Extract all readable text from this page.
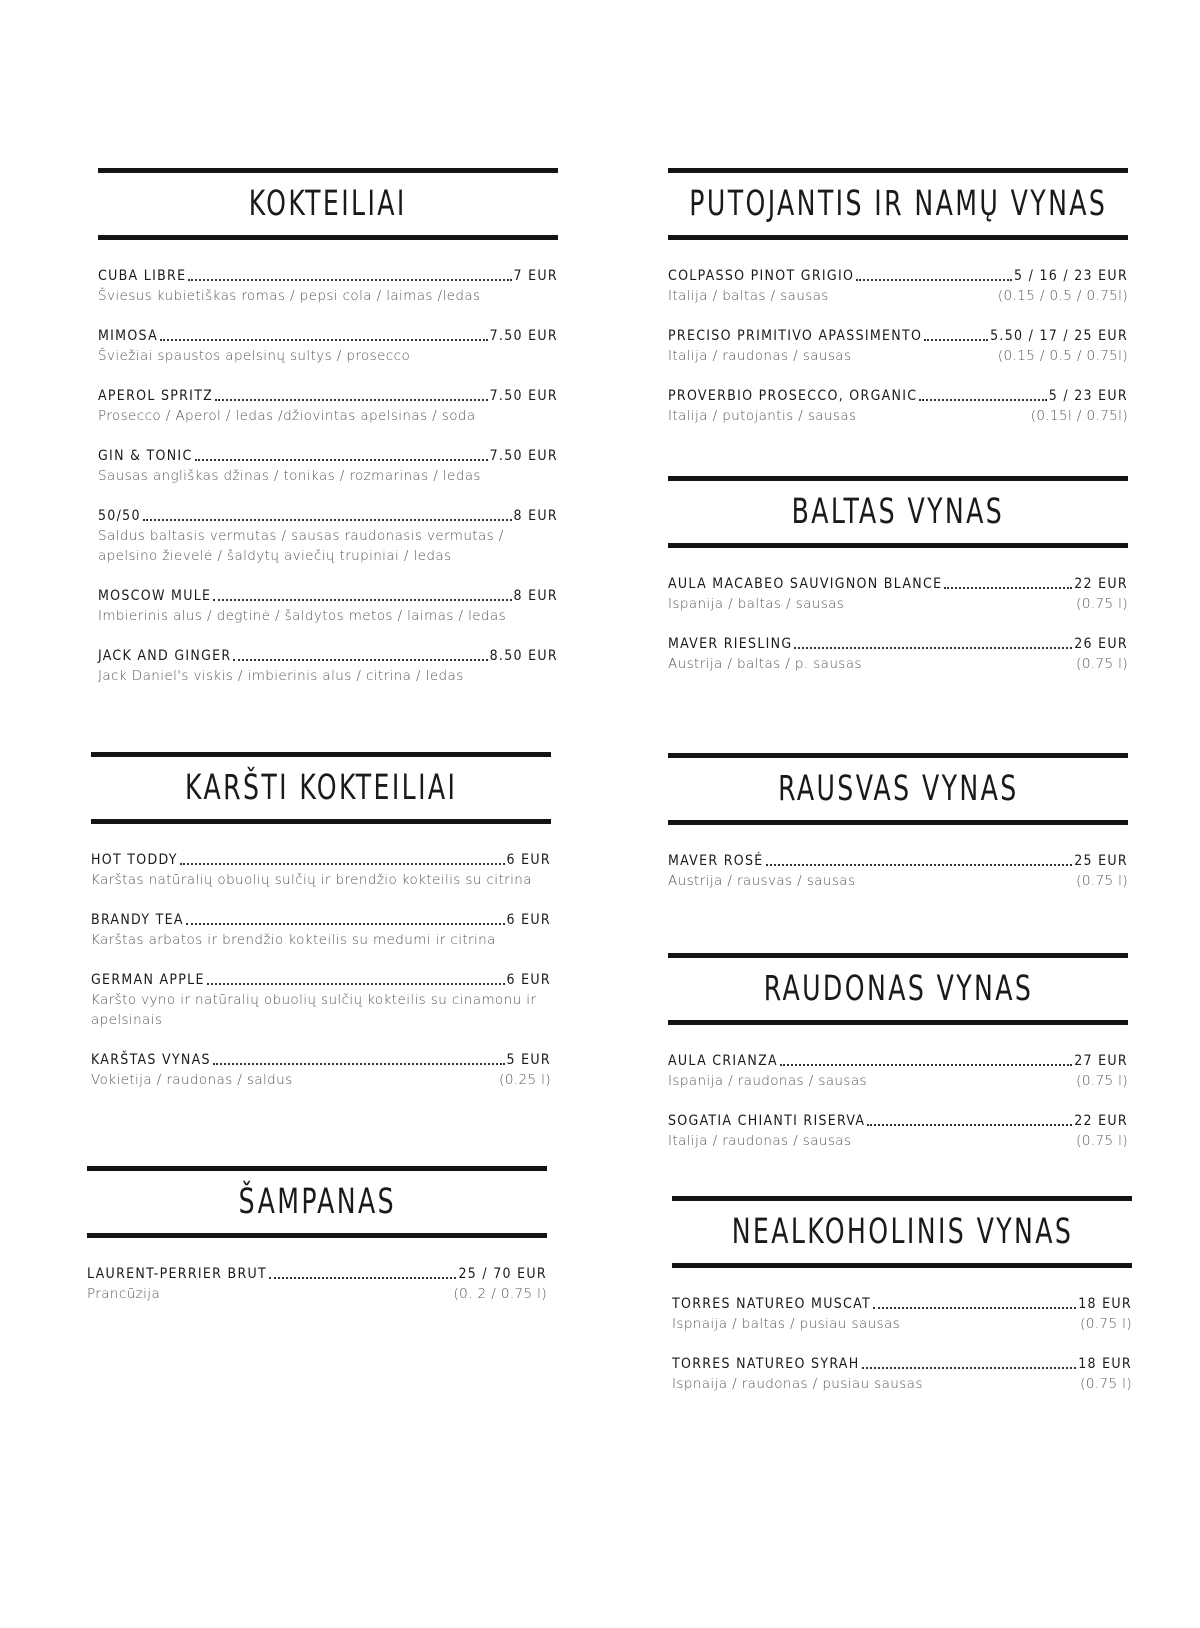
KOKTEILIAI
CUBA LIBRE	7 EUR
Šviesus kubietiškas romas / pepsi cola / laimas /ledas
MIMOSA	7.50 EUR
Šviežiai spaustos apelsinų sultys / prosecco
APEROL SPRITZ	7.50 EUR
Prosecco / Aperol / ledas /džiovintas apelsinas / soda
GIN & TONIC	7.50 EUR
Sausas angliškas džinas / tonikas / rozmarinas / ledas
50/50	8 EUR
Saldus baltasis vermutas / sausas raudonasis vermutas / apelsino žievelė / šaldytų aviečių trupiniai / ledas
MOSCOW MULE	8 EUR
Imbierinis alus / degtinė / šaldytos metos / laimas / ledas
JACK AND GINGER	8.50 EUR
Jack Daniel's viskis / imbierinis alus / citrina / ledas
KARŠTI KOKTEILIAI
HOT TODDY	6 EUR
Karštas natūralių obuolių sulčių ir brendžio kokteilis su citrina
BRANDY TEA	6 EUR
Karštas arbatos ir brendžio kokteilis su medumi ir citrina
GERMAN APPLE	6 EUR
Karšto vyno ir natūralių obuolių sulčių kokteilis su cinamonu ir apelsinais
KARŠTAS VYNAS	5 EUR
Vokietija / raudonas / saldus	(0.25 l)
ŠAMPANAS
LAURENT-PERRIER BRUT	25 / 70 EUR
Prancūzija	(0. 2 / 0.75 l)
PUTOJANTIS IR NAMŲ VYNAS
COLPASSO PINOT GRIGIO	5 / 16 / 23 EUR
Italija / baltas / sausas	(0.15 / 0.5 / 0.75l)
PRECISO PRIMITIVO APASSIMENTO	5.50 / 17 / 25 EUR
Italija / raudonas / sausas	(0.15 / 0.5 / 0.75l)
PROVERBIO PROSECCO, ORGANIC	5 / 23 EUR
Italija / putojantis / sausas	(0.15l / 0.75l)
BALTAS VYNAS
AULA MACABEO SAUVIGNON BLANCE	22 EUR
Ispanija / baltas / sausas	(0.75 l)
MAVER RIESLING	26 EUR
Austrija / baltas / p. sausas	(0.75 l)
RAUSVAS VYNAS
MAVER ROSÉ	25 EUR
Austrija / rausvas / sausas	(0.75 l)
RAUDONAS VYNAS
AULA CRIANZA	27 EUR
Ispanija / raudonas / sausas	(0.75 l)
SOGATIA CHIANTI RISERVA	22 EUR
Italija / raudonas / sausas	(0.75 l)
NEALKOHOLINIS VYNAS
TORRES NATUREO MUSCAT	18 EUR
Ispnaija / baltas / pusiau sausas	(0.75 l)
TORRES NATUREO SYRAH	18 EUR
Ispnaija / raudonas / pusiau sausas	(0.75 l)
